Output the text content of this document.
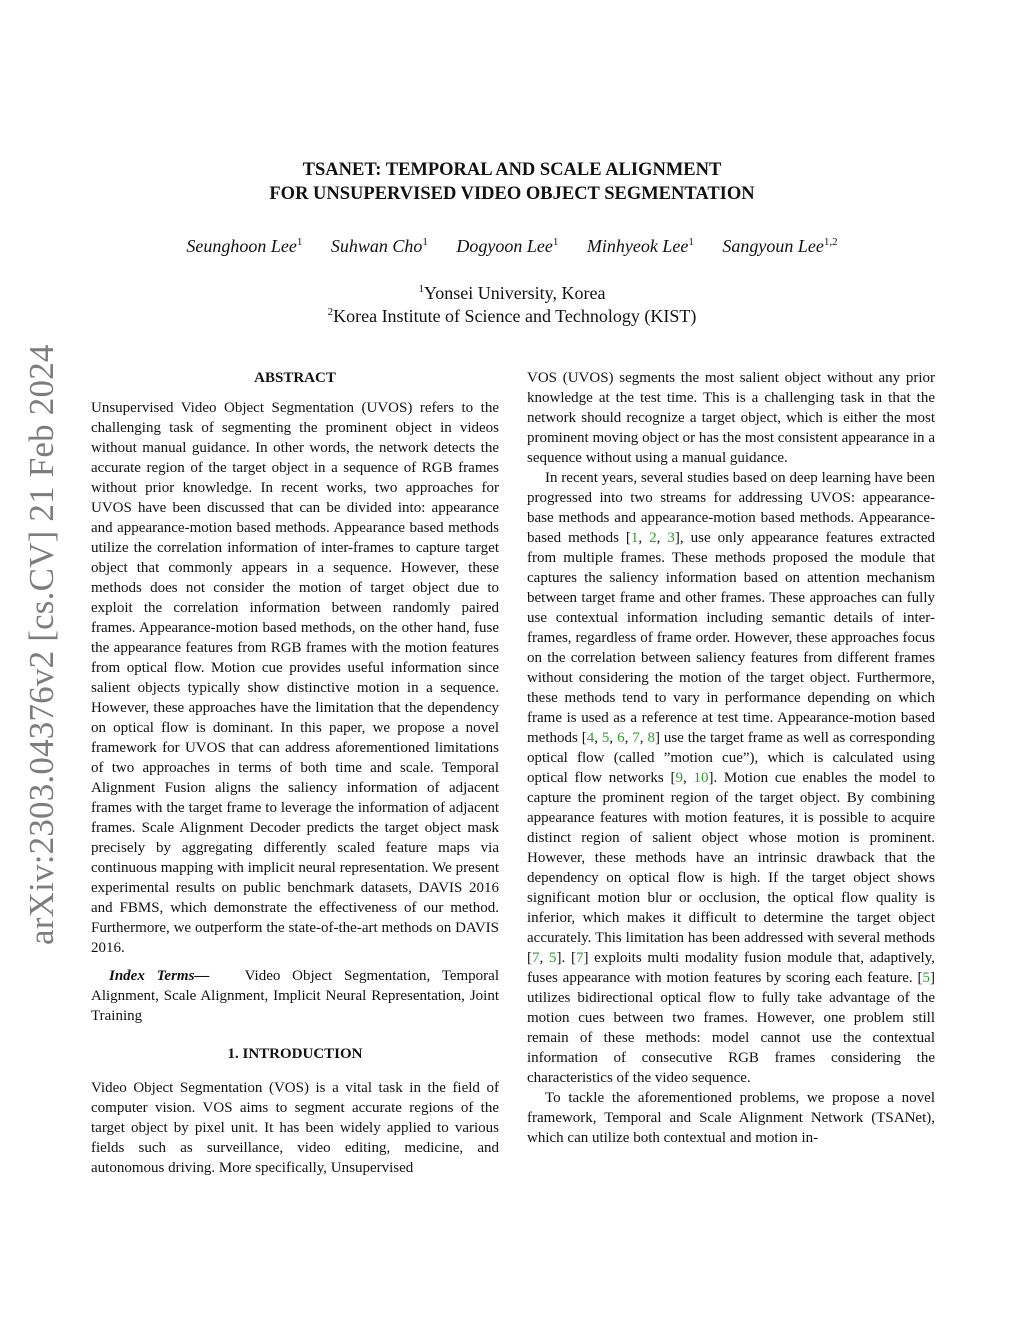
arXiv:2303.04376v2 [cs.CV] 21 Feb 2024
TSANET: TEMPORAL AND SCALE ALIGNMENT
FOR UNSUPERVISED VIDEO OBJECT SEGMENTATION
Seunghoon Lee$^1$ Suhwan Cho$^1$ Dogyoon Lee$^1$ Minhyeok Lee$^1$ Sangyoun Lee$^{1,2}$
$^1$Yonsei University, Korea
$^2$Korea Institute of Science and Technology (KIST)
ABSTRACT

Unsupervised Video Object Segmentation (UVOS) refers to the challenging task of segmenting the prominent object in videos without manual guidance. In other words, the network detects the accurate region of the target object in a sequence of RGB frames without prior knowledge. In recent works, two approaches for UVOS have been discussed that can be divided into: appearance and appearance-motion based methods. Appearance based methods utilize the correlation information of inter-frames to capture target object that commonly appears in a sequence. However, these methods does not consider the motion of target object due to exploit the correlation information between randomly paired frames. Appearance-motion based methods, on the other hand, fuse the appearance features from RGB frames with the motion features from optical flow. Motion cue provides useful information since salient objects typically show distinctive motion in a sequence. However, these approaches have the limitation that the dependency on optical flow is dominant. In this paper, we propose a novel framework for UVOS that can address aforementioned limitations of two approaches in terms of both time and scale. Temporal Alignment Fusion aligns the saliency information of adjacent frames with the target frame to leverage the information of adjacent frames. Scale Alignment Decoder predicts the target object mask precisely by aggregating differently scaled feature maps via continuous mapping with implicit neural representation. We present experimental results on public benchmark datasets, DAVIS 2016 and FBMS, which demonstrate the effectiveness of our method. Furthermore, we outperform the state-of-the-art methods on DAVIS 2016.

Index Terms— Video Object Segmentation, Temporal Alignment, Scale Alignment, Implicit Neural Representation, Joint Training

1. INTRODUCTION

Video Object Segmentation (VOS) is a vital task in the field of computer vision. VOS aims to segment accurate regions of the target object by pixel unit. It has been widely applied to various fields such as surveillance, video editing, medicine, and autonomous driving. More specifically, Unsupervised

VOS (UVOS) segments the most salient object without any prior knowledge at the test time. This is a challenging task in that the network should recognize a target object, which is either the most prominent moving object or has the most consistent appearance in a sequence without using a manual guidance.

In recent years, several studies based on deep learning have been progressed into two streams for addressing UVOS: appearance-base methods and appearance-motion based methods. Appearance-based methods [1, 2, 3], use only appearance features extracted from multiple frames. These methods proposed the module that captures the saliency information based on attention mechanism between target frame and other frames. These approaches can fully use contextual information including semantic details of inter-frames, regardless of frame order. However, these approaches focus on the correlation between saliency features from different frames without considering the motion of the target object. Furthermore, these methods tend to vary in performance depending on which frame is used as a reference at test time. Appearance-motion based methods [4, 5, 6, 7, 8] use the target frame as well as corresponding optical flow (called ”motion cue”), which is calculated using optical flow networks [9, 10]. Motion cue enables the model to capture the prominent region of the target object. By combining appearance features with motion features, it is possible to acquire distinct region of salient object whose motion is prominent. However, these methods have an intrinsic drawback that the dependency on optical flow is high. If the target object shows significant motion blur or occlusion, the optical flow quality is inferior, which makes it difficult to determine the target object accurately. This limitation has been addressed with several methods [7, 5]. [7] exploits multi modality fusion module that, adaptively, fuses appearance with motion features by scoring each feature. [5] utilizes bidirectional optical flow to fully take advantage of the motion cues between two frames. However, one problem still remain of these methods: model cannot use the contextual information of consecutive RGB frames considering the characteristics of the video sequence.

To tackle the aforementioned problems, we propose a novel framework, Temporal and Scale Alignment Network (TSANet), which can utilize both contextual and motion in-
